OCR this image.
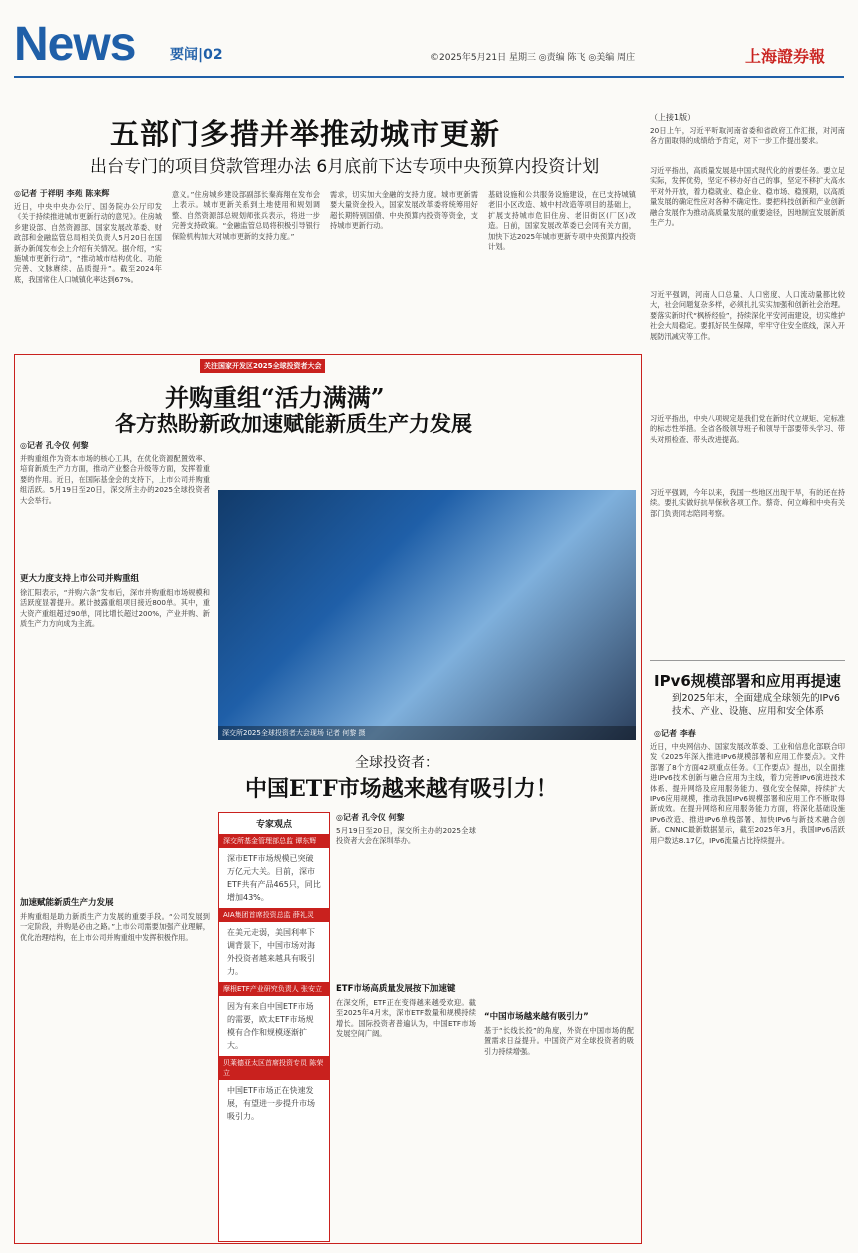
News 要闻|02	©2025年5月21日 星期三 ◎责编 陈飞 ◎美编 周庄	上海證券報
五部门多措并举推动城市更新
出台专门的项目贷款管理办法 6月底前下达专项中央预算内投资计划
◎记者 于祥明 李苑 陈来辉
近日，中央中央办公厅、国务院办公厅印发《关于持续推进城市更新行动的意见》。住房城乡建设部、自然资源部、国家发展改革委、财政部和金融监管总局相关负责人5月20日在国新办新闻发布会上介绍有关情况。据介绍，“实施城市更新行动”，“推动城市结构优化、功能完善、文脉赓续、品质提升”。截至2024年底，我国常住人口城镇化率达到67%。
意义。”住房城乡建设部副部长秦海翔在发布会上表示。城市更新关系到土地使用和规划调整、自然资源部总规划师张兵表示，将进一步完善支持政策。“金融监管总局将积极引导银行保险机构加大对城市更新的支持力度。”
需求，切实加大金融的支持力度。城市更新需要大量资金投入，国家发展改革委将统筹用好超长期特别国债、中央预算内投资等资金，支持城市更新行动。
基础设施和公共服务设施建设，在已支持城镇老旧小区改造、城中村改造等项目的基础上，扩展支持城市危旧住房、老旧街区(厂区)改造。日前，国家发展改革委已会同有关方面，加快下达2025年城市更新专项中央预算内投资计划。
（上接1版）
20日上午，习近平听取河南省委和省政府工作汇报，对河南各方面取得的成绩给予肯定，对下一步工作提出要求。
习近平指出，高质量发展是中国式现代化的首要任务。要立足实际，发挥优势，坚定不移办好自己的事，坚定不移扩大高水平对外开放，着力稳就业、稳企业、稳市场、稳预期，以高质量发展的确定性应对各种不确定性。要把科技创新和产业创新融合发展作为推动高质量发展的重要途径，因地制宜发展新质生产力。
习近平强调，河南人口总量、人口密度、人口流动量都比较大，社会问题复杂多样，必须扎扎实实加强和创新社会治理。要落实新时代“枫桥经验”，持续深化平安河南建设，切实维护社会大局稳定。要抓好民生保障，牢牢守住安全底线，深入开展防汛减灾等工作。
习近平指出，中央八项规定是我们党在新时代立规矩、定标准的标志性举措。全省各级领导班子和领导干部要带头学习、带头对照检查、带头改进提高。
习近平强调，今年以来，我国一些地区出现干旱，有的还在持续。要扎实做好抗旱保秋各项工作。蔡奇、何立峰和中央有关部门负责同志陪同考察。
IPv6规模部署和应用再提速
到2025年末，全面建成全球领先的IPv6技术、产业、设施、应用和安全体系
◎记者 李春
近日，中央网信办、国家发展改革委、工业和信息化部联合印发《2025年深入推进IPv6规模部署和应用工作要点》。文件部署了8个方面42项重点任务。《工作要点》提出，以全面推进IPv6技术创新与融合应用为主线，着力完善IPv6演进技术体系、提升网络及应用服务能力、强化安全保障，持续扩大IPv6应用规模，推动我国IPv6规模部署和应用工作不断取得新成效。在提升网络和应用服务能力方面，将深化基础设施IPv6改造、推进IPv6单栈部署、加快IPv6与新技术融合创新。CNNIC最新数据显示，截至2025年3月，我国IPv6活跃用户数达8.17亿，IPv6流量占比持续提升。
关注国家开发区2025全球投资者大会
并购重组“活力满满”
各方热盼新政加速赋能新质生产力发展
◎记者 孔令仪 何黎
并购重组作为资本市场的核心工具，在优化资源配置效率、培育新质生产力方面，推动产业整合升级等方面，发挥着重要的作用。近日，在国际基金会的支持下，上市公司并购重组活跃。5月19日至20日，深交所主办的2025全球投资者大会举行。
更大力度支持上市公司并购重组
徐汇阳表示，“并购六条”发布后，深市并购重组市场规模和活跃度显著提升。累计披露重组项目接近800单。其中，重大资产重组超过90单，同比增长超过200%，产业并购、新质生产力方向成为主流。
加速赋能新质生产力发展
并购重组是助力新质生产力发展的重要手段。“公司发展到一定阶段，并购是必由之路。”上市公司需要加强产业理解，优化治理结构，在上市公司并购重组中发挥积极作用。
深交所2025全球投资者大会现场 记者 何黎 摄
全球投资者：
中国ETF市场越来越有吸引力！
专家观点
深交所基金管理部总监 谭东辉
深市ETF市场规模已突破万亿元大关。目前，深市ETF共有产品465只，同比增加43%。
AIA集团首席投资总监 薛礼灵
在美元走弱，美国利率下调背景下，中国市场对海外投资者越来越具有吸引力。
摩根ETF产业研究负责人 张安立
因为有来自中国ETF市场的需要，欧太ETF市场规模有合作和规模逐渐扩大。
贝莱德亚太区首席投资专员 陈荣立
中国ETF市场正在快速发展，有望进一步提升市场吸引力。
◎记者 孔令仪 何黎
5月19日至20日，深交所主办的2025全球投资者大会在深圳举办。
ETF市场高质量发展按下加速键
在深交所，ETF正在变得越来越受欢迎。截至2025年4月末，深市ETF数量和规模持续增长。国际投资者普遍认为，中国ETF市场发展空间广阔。
“中国市场越来越有吸引力”
基于“长线长投”的角度，外资在中国市场的配置需求日益提升。中国资产对全球投资者的吸引力持续增强。
